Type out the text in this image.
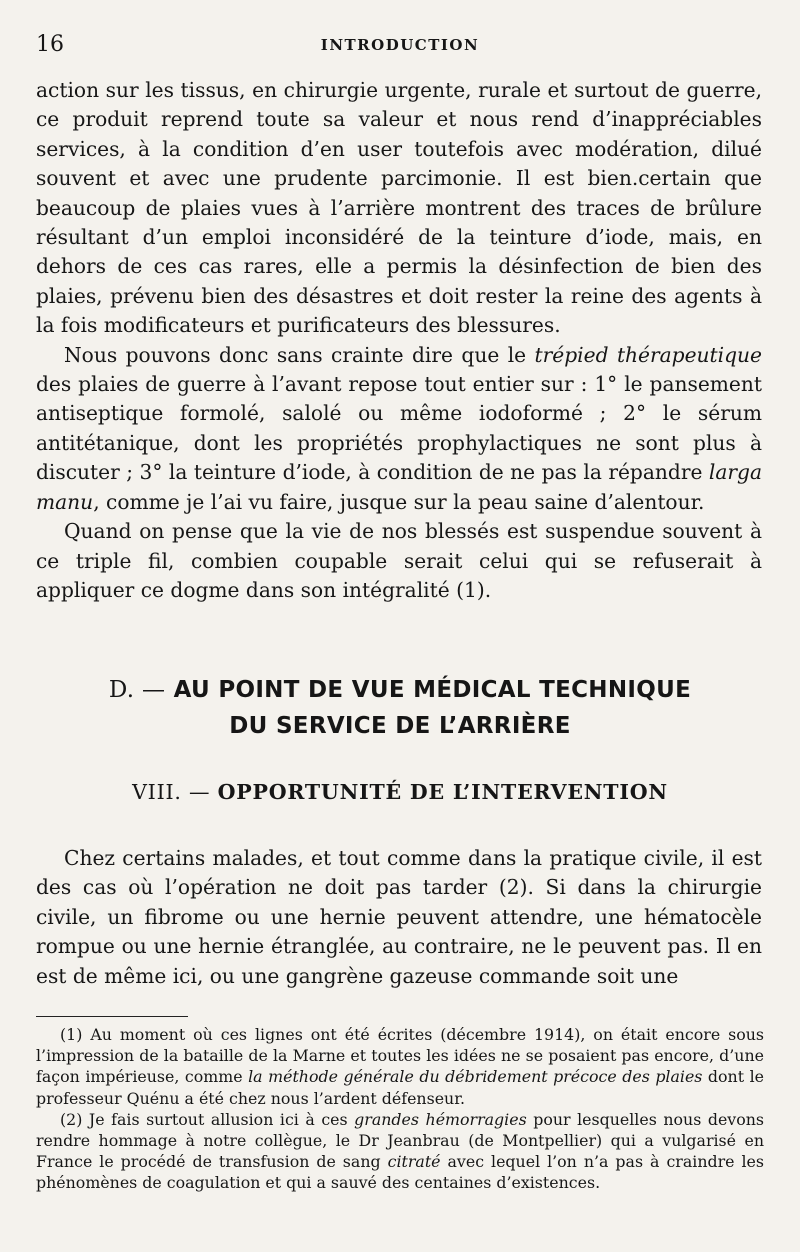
16	INTRODUCTION

action sur les tissus, en chirurgie urgente, rurale et surtout de guerre, ce produit reprend toute sa valeur et nous rend d’inappréciables services, à la condition d’en user toutefois avec modération, dilué souvent et avec une prudente parcimonie. Il est bien.certain que beaucoup de plaies vues à l’arrière montrent des traces de brûlure résultant d’un emploi inconsidéré de la teinture d’iode, mais, en dehors de ces cas rares, elle a permis la désinfection de bien des plaies, prévenu bien des désastres et doit rester la reine des agents à la fois modificateurs et purificateurs des blessures.

Nous pouvons donc sans crainte dire que le trépied thérapeutique des plaies de guerre à l’avant repose tout entier sur : 1° le pansement antiseptique formolé, salolé ou même iodoformé ; 2° le sérum antitétanique, dont les propriétés prophylactiques ne sont plus à discuter ; 3° la teinture d’iode, à condition de ne pas la répandre larga manu, comme je l’ai vu faire, jusque sur la peau saine d’alentour.

Quand on pense que la vie de nos blessés est suspendue souvent à ce triple fil, combien coupable serait celui qui se refuserait à appliquer ce dogme dans son intégralité (1).

D. — AU POINT DE VUE MÉDICAL TECHNIQUE
DU SERVICE DE L’ARRIÈRE
VIII. — OPPORTUNITÉ DE L’INTERVENTION

Chez certains malades, et tout comme dans la pratique civile, il est des cas où l’opération ne doit pas tarder (2). Si dans la chirurgie civile, un fibrome ou une hernie peuvent attendre, une hématocèle rompue ou une hernie étranglée, au contraire, ne le peuvent pas. Il en est de même ici, ou une gangrène gazeuse commande soit une

(1) Au moment où ces lignes ont été écrites (décembre 1914), on était encore sous l’impression de la bataille de la Marne et toutes les idées ne se posaient pas encore, d’une façon impérieuse, comme la méthode générale du débridement précoce des plaies dont le professeur Quénu a été chez nous l’ardent défenseur.

(2) Je fais surtout allusion ici à ces grandes hémorragies pour lesquelles nous devons rendre hommage à notre collègue, le Dr Jeanbrau (de Montpellier) qui a vulgarisé en France le procédé de transfusion de sang citraté avec lequel l’on n’a pas à craindre les phénomènes de coagulation et qui a sauvé des centaines d’existences.
